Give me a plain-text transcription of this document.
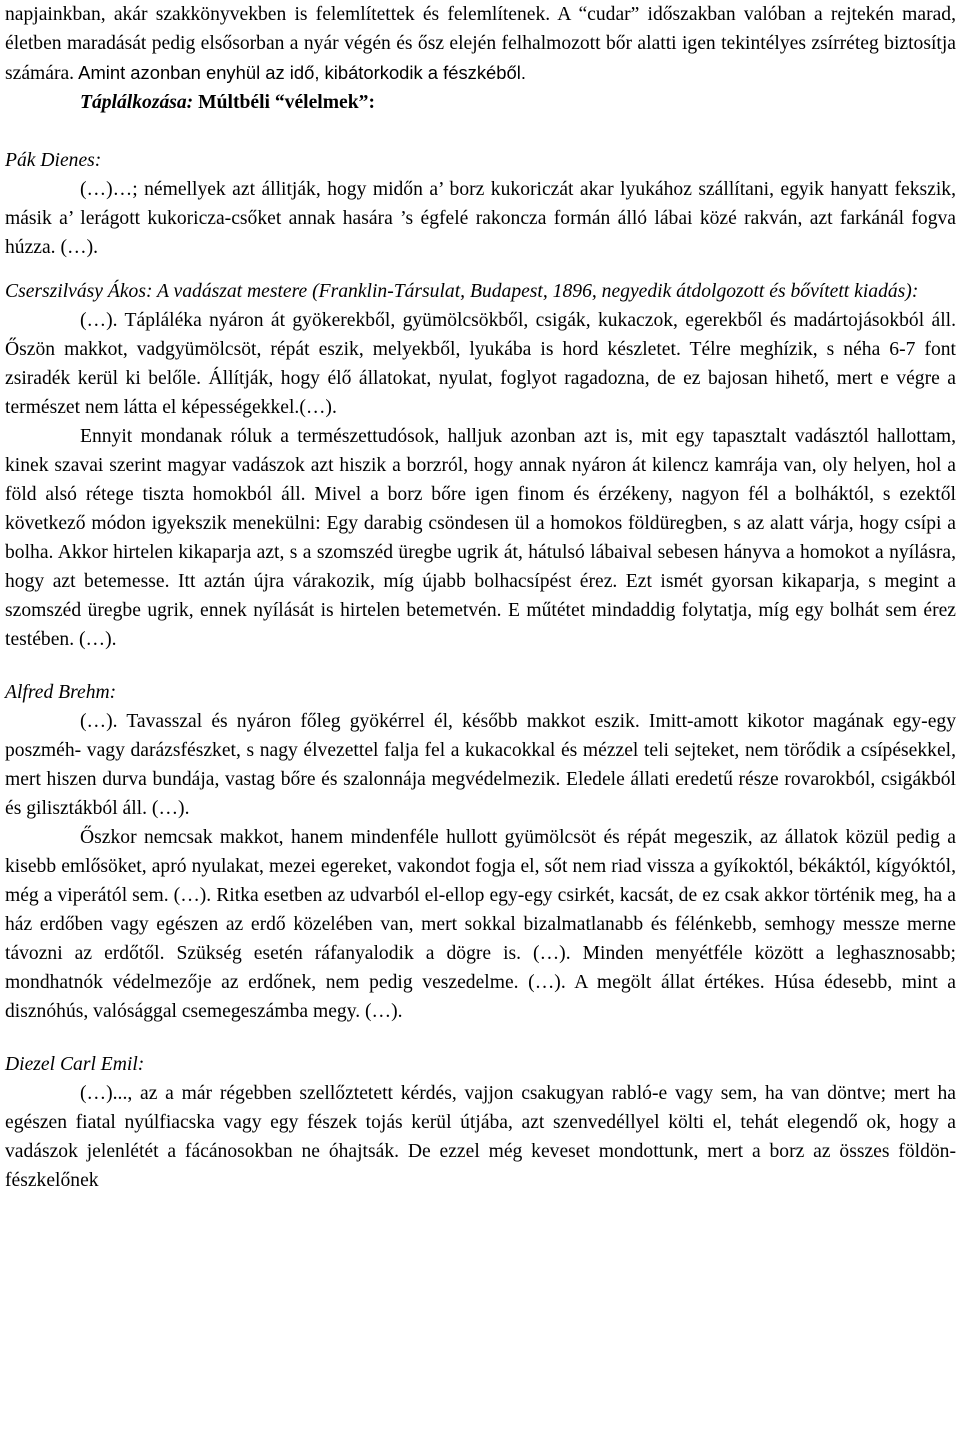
napjainkban, akár szakkönyvekben is felemlítettek és felemlítenek. A “cudar” időszakban valóban a rejtekén marad, életben maradását pedig elsősorban a nyár végén és ősz elején felhalmozott bőr alatti igen tekintélyes zsírréteg biztosítja számára. Amint azonban enyhül az idő, kibátorkodik a fészkéből.

Táplálkozása: Múltbéli “vélelmek”:

Pák Dienes:

(…)…; némellyek azt állitják, hogy midőn a’ borz kukoriczát akar lyukához szállítani, egyik hanyatt fekszik, másik a’ lerágott kukoricza-csőket annak hasára ’s égfelé rakoncza formán álló lábai közé rakván, azt farkánál fogva húzza. (…).

Cserszilvásy Ákos: A vadászat mestere (Franklin-Társulat, Budapest, 1896, negyedik átdolgozott és bővített kiadás):

(…). Tápláléka nyáron át gyökerekből, gyümölcsökből, csigák, kukaczok, egerekből és madártojásokból áll. Őszön makkot, vadgyümölcsöt, répát eszik, melyekből, lyukába is hord készletet. Télre meghízik, s néha 6-7 font zsiradék kerül ki belőle. Állítják, hogy élő állatokat, nyulat, foglyot ragadozna, de ez bajosan hihető, mert e végre a természet nem látta el képességekkel.(…).

Ennyit mondanak róluk a természettudósok, halljuk azonban azt is, mit egy tapasztalt vadásztól hallottam, kinek szavai szerint magyar vadászok azt hiszik a borzról, hogy annak nyáron át kilencz kamrája van, oly helyen, hol a föld alsó rétege tiszta homokból áll. Mivel a borz bőre igen finom és érzékeny, nagyon fél a bolháktól, s ezektől következő módon igyekszik menekülni: Egy darabig csöndesen ül a homokos földüregben, s az alatt várja, hogy csípi a bolha. Akkor hirtelen kikaparja azt, s a szomszéd üregbe ugrik át, hátulsó lábaival sebesen hányva a homokot a nyílásra, hogy azt betemesse. Itt aztán újra várakozik, míg újabb bolhacsípést érez. Ezt ismét gyorsan kikaparja, s megint a szomszéd üregbe ugrik, ennek nyílását is hirtelen betemetvén. E műtétet mindaddig folytatja, míg egy bolhát sem érez testében. (…).

Alfred Brehm:

(…). Tavasszal és nyáron főleg gyökérrel él, később makkot eszik. Imitt-amott kikotor magának egy-egy poszméh- vagy darázsfészket, s nagy élvezettel falja fel a kukacokkal és mézzel teli sejteket, nem törődik a csípésekkel, mert hiszen durva bundája, vastag bőre és szalonnája megvédelmezik. Eledele állati eredetű része rovarokból, csigákból és gilisztákból áll. (…).

Őszkor nemcsak makkot, hanem mindenféle hullott gyümölcsöt és répát megeszik, az állatok közül pedig a kisebb emlősöket, apró nyulakat, mezei egereket, vakondot fogja el, sőt nem riad vissza a gyíkoktól, békáktól, kígyóktól, még a viperától sem. (…). Ritka esetben az udvarból el-ellop egy-egy csirkét, kacsát, de ez csak akkor történik meg, ha a ház erdőben vagy egészen az erdő közelében van, mert sokkal bizalmatlanabb és félénkebb, semhogy messze merne távozni az erdőtől. Szükség esetén ráfanyalodik a dögre is. (…). Minden menyétféle között a leghasznosabb; mondhatnók védelmezője az erdőnek, nem pedig veszedelme. (…). A megölt állat értékes. Húsa édesebb, mint a disznóhús, valósággal csemegeszámba megy. (…).

Diezel Carl Emil:

(…)..., az a már régebben szellőztetett kérdés, vajjon csakugyan rabló-e vagy sem, ha van döntve; mert ha egészen fiatal nyúlfiacska vagy egy fészek tojás kerül útjába, azt szenvedéllyel költi el, tehát elegendő ok, hogy a vadászok jelenlétét a fácánosokban ne óhajtsák. De ezzel még keveset mondottunk, mert a borz az összes földön-fészkelőnek
